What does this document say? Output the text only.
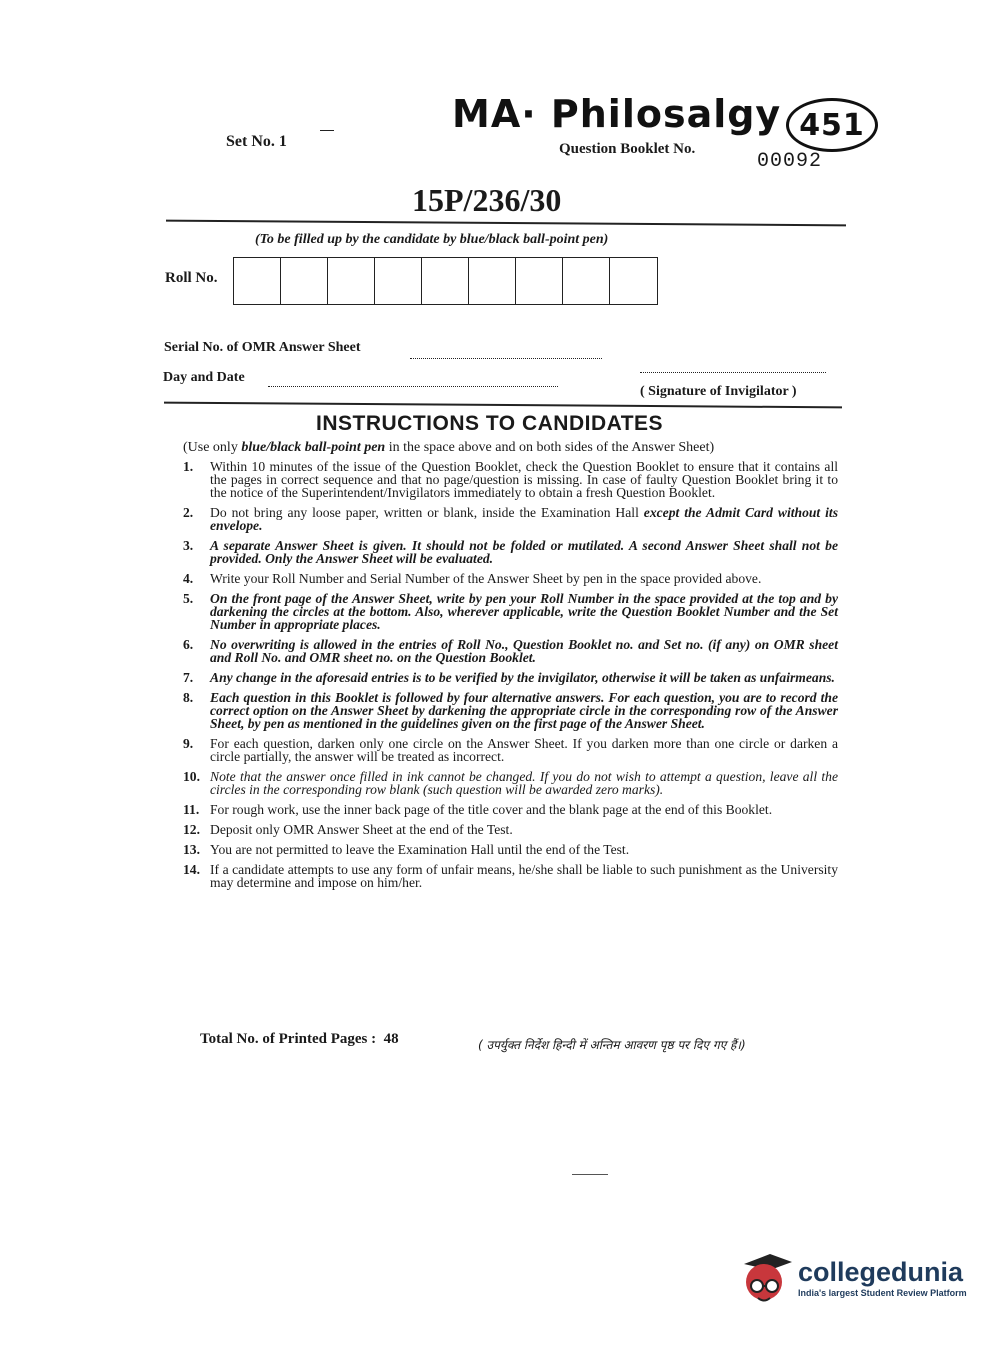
MA· Philosalgy 451
Set No. 1	Question Booklet No.
00092
15P/236/30
(To be filled up by the candidate by blue/black ball-point pen)
Roll No.
Serial No. of OMR Answer Sheet
Day and Date
( Signature of Invigilator )
INSTRUCTIONS TO CANDIDATES
(Use only blue/black ball-point pen in the space above and on both sides of the Answer Sheet)
1.	Within 10 minutes of the issue of the Question Booklet, check the Question Booklet to ensure that it contains all the pages in correct sequence and that no page/question is missing. In case of faulty Question Booklet bring it to the notice of the Superintendent/Invigilators immediately to obtain a fresh Question Booklet.
2.	Do not bring any loose paper, written or blank, inside the Examination Hall except the Admit Card without its envelope.
3.	A separate Answer Sheet is given. It should not be folded or mutilated. A second Answer Sheet shall not be provided. Only the Answer Sheet will be evaluated.
4.	Write your Roll Number and Serial Number of the Answer Sheet by pen in the space provided above.
5.	On the front page of the Answer Sheet, write by pen your Roll Number in the space provided at the top and by darkening the circles at the bottom. Also, wherever applicable, write the Question Booklet Number and the Set Number in appropriate places.
6.	No overwriting is allowed in the entries of Roll No., Question Booklet no. and Set no. (if any) on OMR sheet and Roll No. and OMR sheet no. on the Question Booklet.
7.	Any change in the aforesaid entries is to be verified by the invigilator, otherwise it will be taken as unfairmeans.
8.	Each question in this Booklet is followed by four alternative answers. For each question, you are to record the correct option on the Answer Sheet by darkening the appropriate circle in the corresponding row of the Answer Sheet, by pen as mentioned in the guidelines given on the first page of the Answer Sheet.
9.	For each question, darken only one circle on the Answer Sheet. If you darken more than one circle or darken a circle partially, the answer will be treated as incorrect.
10. Note that the answer once filled in ink cannot be changed. If you do not wish to attempt a question, leave all the circles in the corresponding row blank (such question will be awarded zero marks).
11. For rough work, use the inner back page of the title cover and the blank page at the end of this Booklet.
12. Deposit only OMR Answer Sheet at the end of the Test.
13. You are not permitted to leave the Examination Hall until the end of the Test.
14. If a candidate attempts to use any form of unfair means, he/she shall be liable to such punishment as the University may determine and impose on him/her.
Total No. of Printed Pages : 48	( उपर्युक्त निर्देश हिन्दी में अन्तिम आवरण पृष्ठ पर दिए गए हैं।)
collegedunia
India's largest Student Review Platform
